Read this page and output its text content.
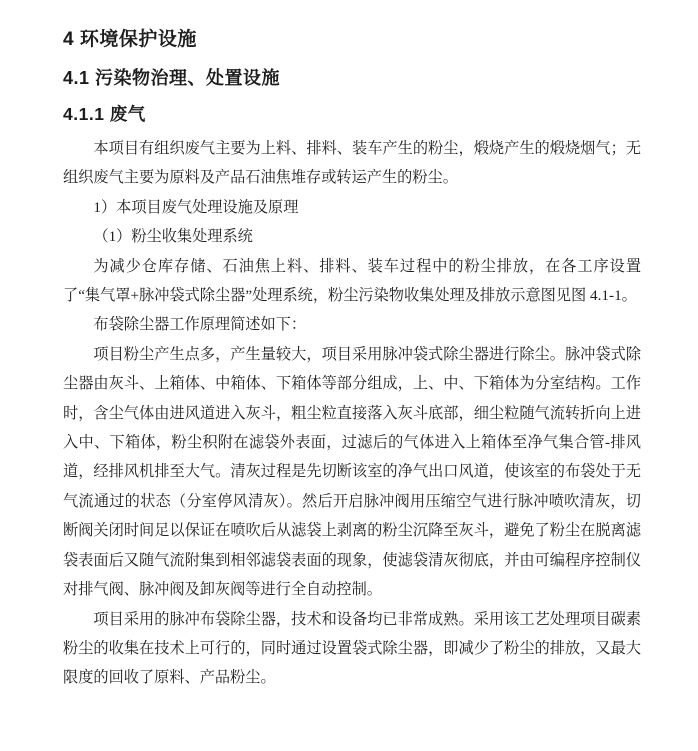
4 环境保护设施
4.1 污染物治理、处置设施
4.1.1 废气

本项目有组织废气主要为上料、排料、装车产生的粉尘，煅烧产生的煅烧烟气；无组织废气主要为原料及产品石油焦堆存或转运产生的粉尘。

1）本项目废气处理设施及原理

（1）粉尘收集处理系统

为减少仓库存储、石油焦上料、排料、装车过程中的粉尘排放，在各工序设置了“集气罩+脉冲袋式除尘器”处理系统，粉尘污染物收集处理及排放示意图见图 4.1-1。

布袋除尘器工作原理简述如下：

项目粉尘产生点多，产生量较大，项目采用脉冲袋式除尘器进行除尘。脉冲袋式除尘器由灰斗、上箱体、中箱体、下箱体等部分组成，上、中、下箱体为分室结构。工作时，含尘气体由进风道进入灰斗，粗尘粒直接落入灰斗底部，细尘粒随气流转折向上进入中、下箱体，粉尘积附在滤袋外表面，过滤后的气体进入上箱体至净气集合管-排风道，经排风机排至大气。清灰过程是先切断该室的净气出口风道，使该室的布袋处于无气流通过的状态（分室停风清灰）。然后开启脉冲阀用压缩空气进行脉冲喷吹清灰，切断阀关闭时间足以保证在喷吹后从滤袋上剥离的粉尘沉降至灰斗，避免了粉尘在脱离滤袋表面后又随气流附集到相邻滤袋表面的现象，使滤袋清灰彻底，并由可编程序控制仪对排气阀、脉冲阀及卸灰阀等进行全自动控制。

项目采用的脉冲布袋除尘器，技术和设备均已非常成熟。采用该工艺处理项目碳素粉尘的收集在技术上可行的，同时通过设置袋式除尘器，即减少了粉尘的排放，又最大限度的回收了原料、产品粉尘。
